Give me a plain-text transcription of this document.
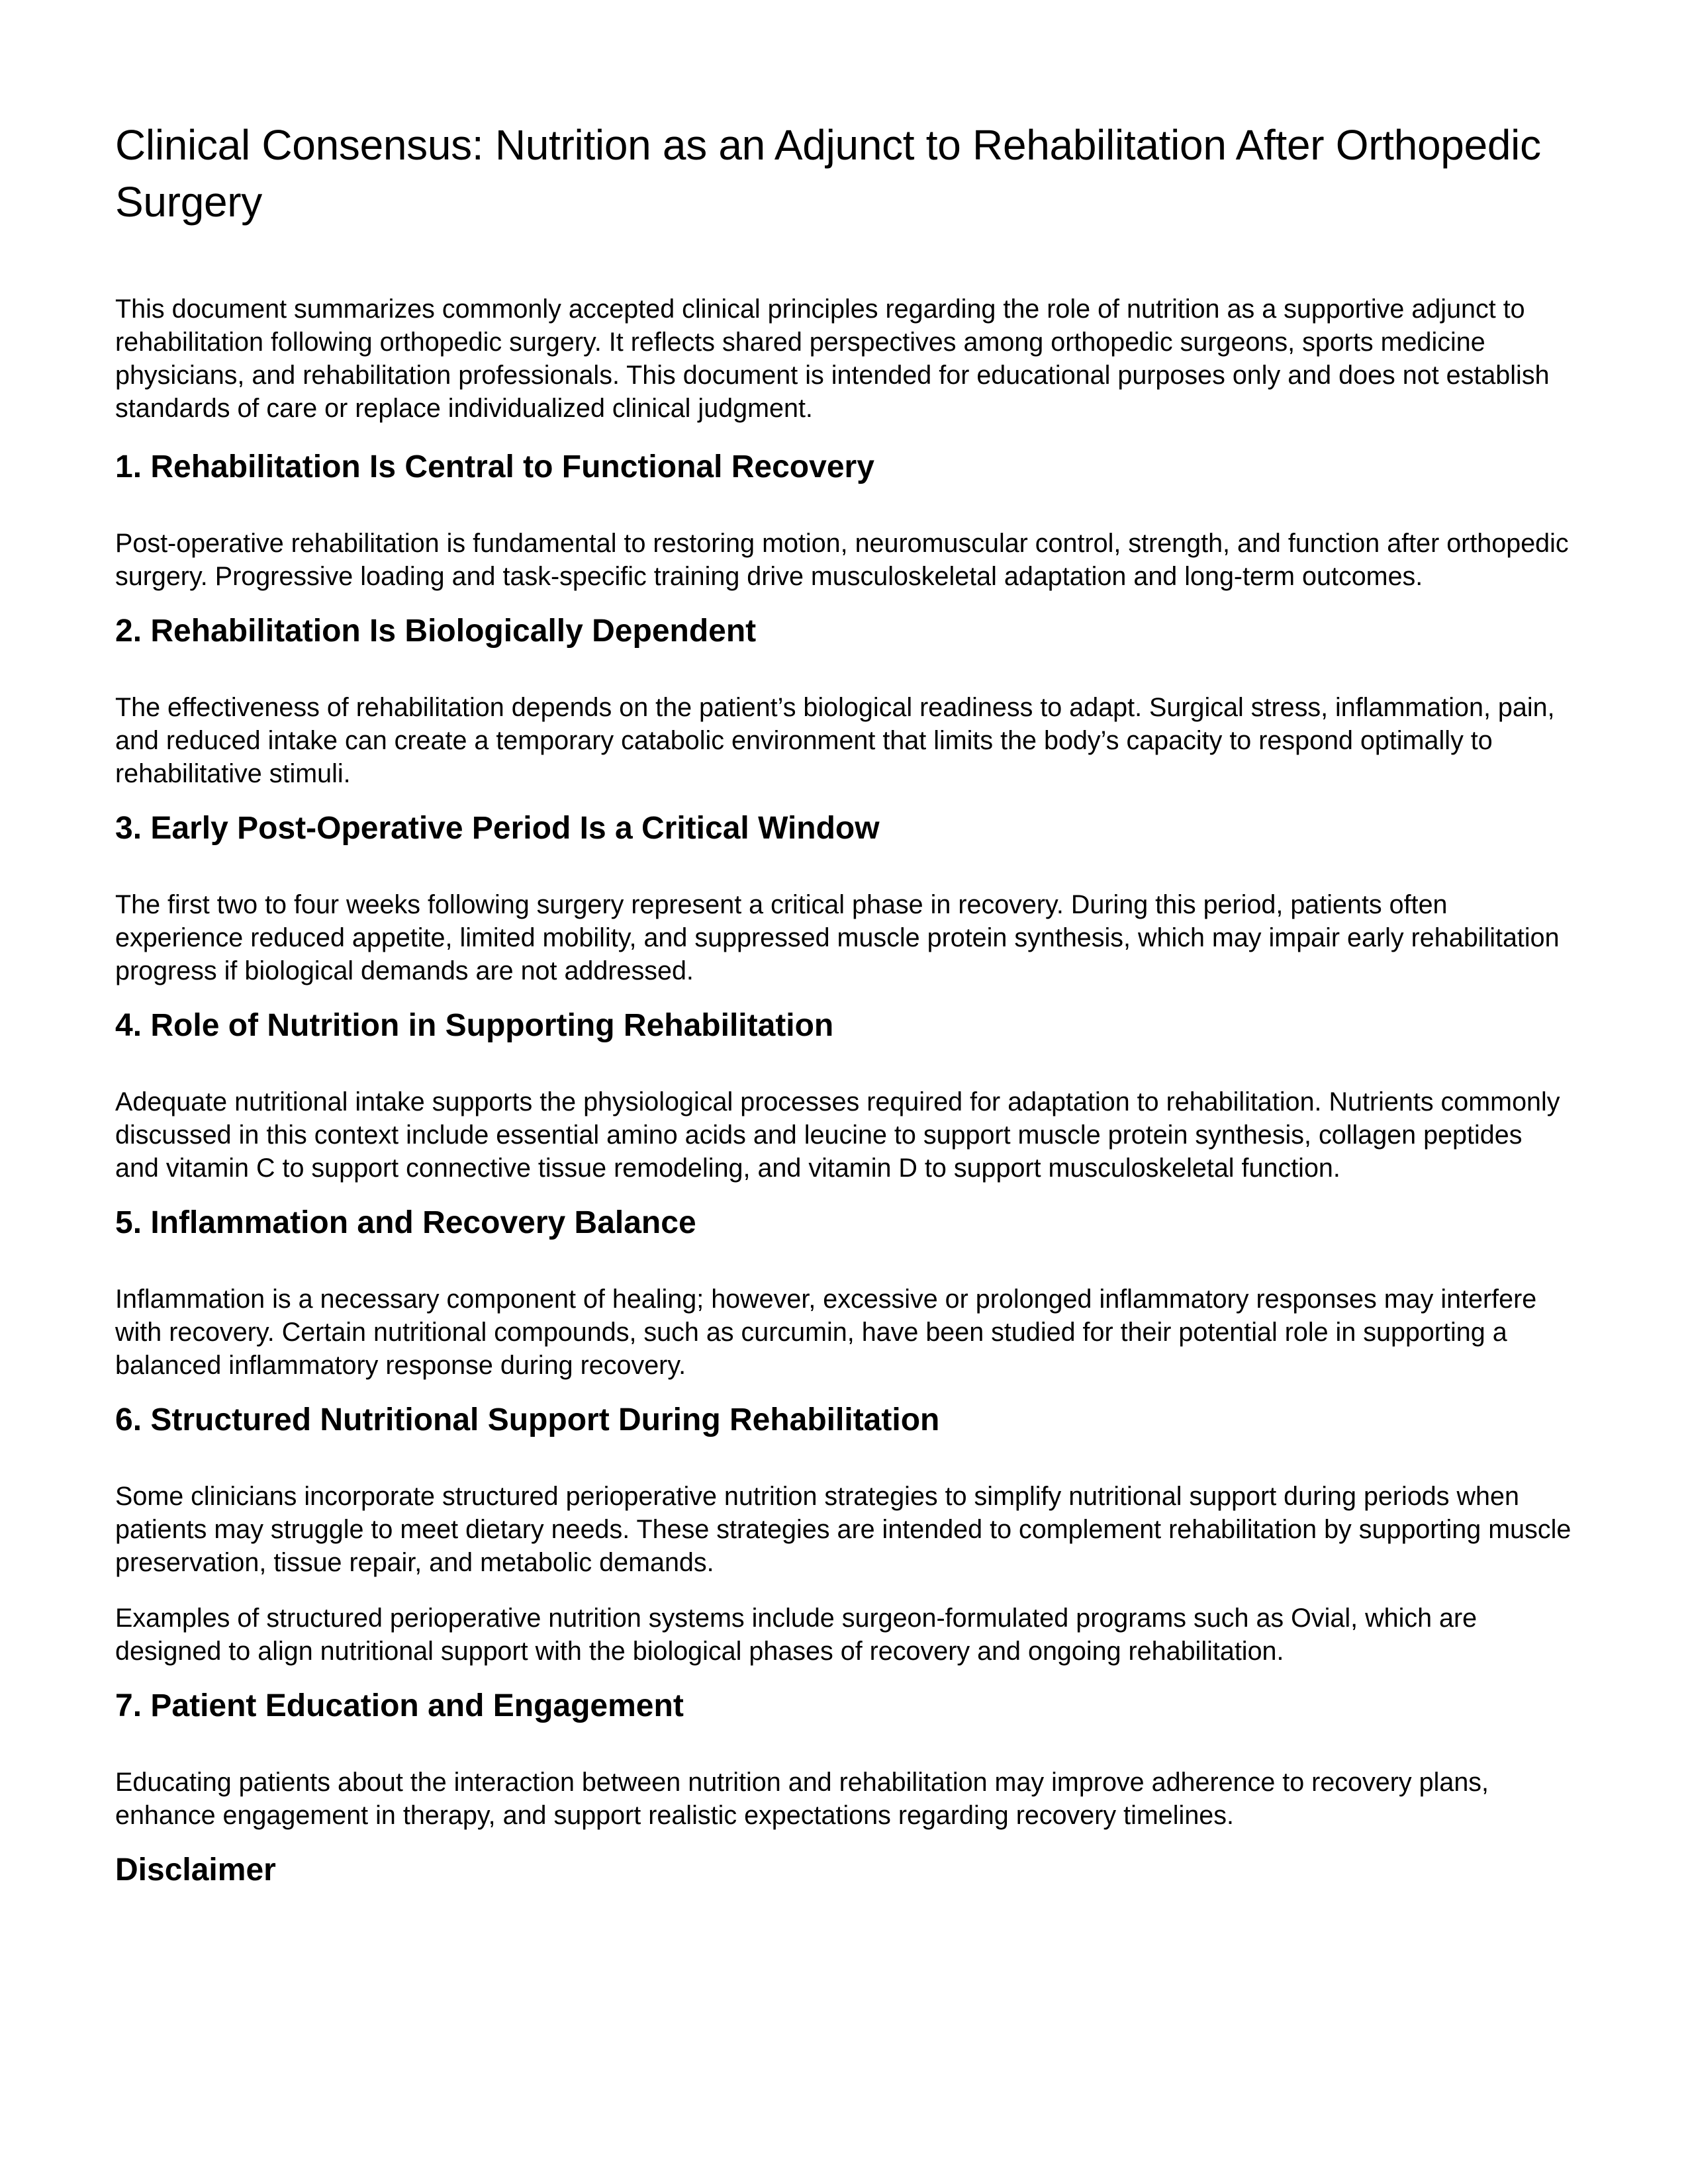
Clinical Consensus: Nutrition as an Adjunct to Rehabilitation After Orthopedic Surgery

This document summarizes commonly accepted clinical principles regarding the role of nutrition as a supportive adjunct to rehabilitation following orthopedic surgery. It reflects shared perspectives among orthopedic surgeons, sports medicine physicians, and rehabilitation professionals. This document is intended for educational purposes only and does not establish standards of care or replace individualized clinical judgment.

1. Rehabilitation Is Central to Functional Recovery

Post-operative rehabilitation is fundamental to restoring motion, neuromuscular control, strength, and function after orthopedic surgery. Progressive loading and task-specific training drive musculoskeletal adaptation and long-term outcomes.

2. Rehabilitation Is Biologically Dependent

The effectiveness of rehabilitation depends on the patient’s biological readiness to adapt. Surgical stress, inflammation, pain, and reduced intake can create a temporary catabolic environment that limits the body’s capacity to respond optimally to rehabilitative stimuli.

3. Early Post-Operative Period Is a Critical Window

The first two to four weeks following surgery represent a critical phase in recovery. During this period, patients often experience reduced appetite, limited mobility, and suppressed muscle protein synthesis, which may impair early rehabilitation progress if biological demands are not addressed.

4. Role of Nutrition in Supporting Rehabilitation

Adequate nutritional intake supports the physiological processes required for adaptation to rehabilitation. Nutrients commonly discussed in this context include essential amino acids and leucine to support muscle protein synthesis, collagen peptides and vitamin C to support connective tissue remodeling, and vitamin D to support musculoskeletal function.

5. Inflammation and Recovery Balance

Inflammation is a necessary component of healing; however, excessive or prolonged inflammatory responses may interfere with recovery. Certain nutritional compounds, such as curcumin, have been studied for their potential role in supporting a balanced inflammatory response during recovery.

6. Structured Nutritional Support During Rehabilitation

Some clinicians incorporate structured perioperative nutrition strategies to simplify nutritional support during periods when patients may struggle to meet dietary needs. These strategies are intended to complement rehabilitation by supporting muscle preservation, tissue repair, and metabolic demands.

Examples of structured perioperative nutrition systems include surgeon-formulated programs such as Ovial, which are designed to align nutritional support with the biological phases of recovery and ongoing rehabilitation.

7. Patient Education and Engagement

Educating patients about the interaction between nutrition and rehabilitation may improve adherence to recovery plans, enhance engagement in therapy, and support realistic expectations regarding recovery timelines.

Disclaimer
